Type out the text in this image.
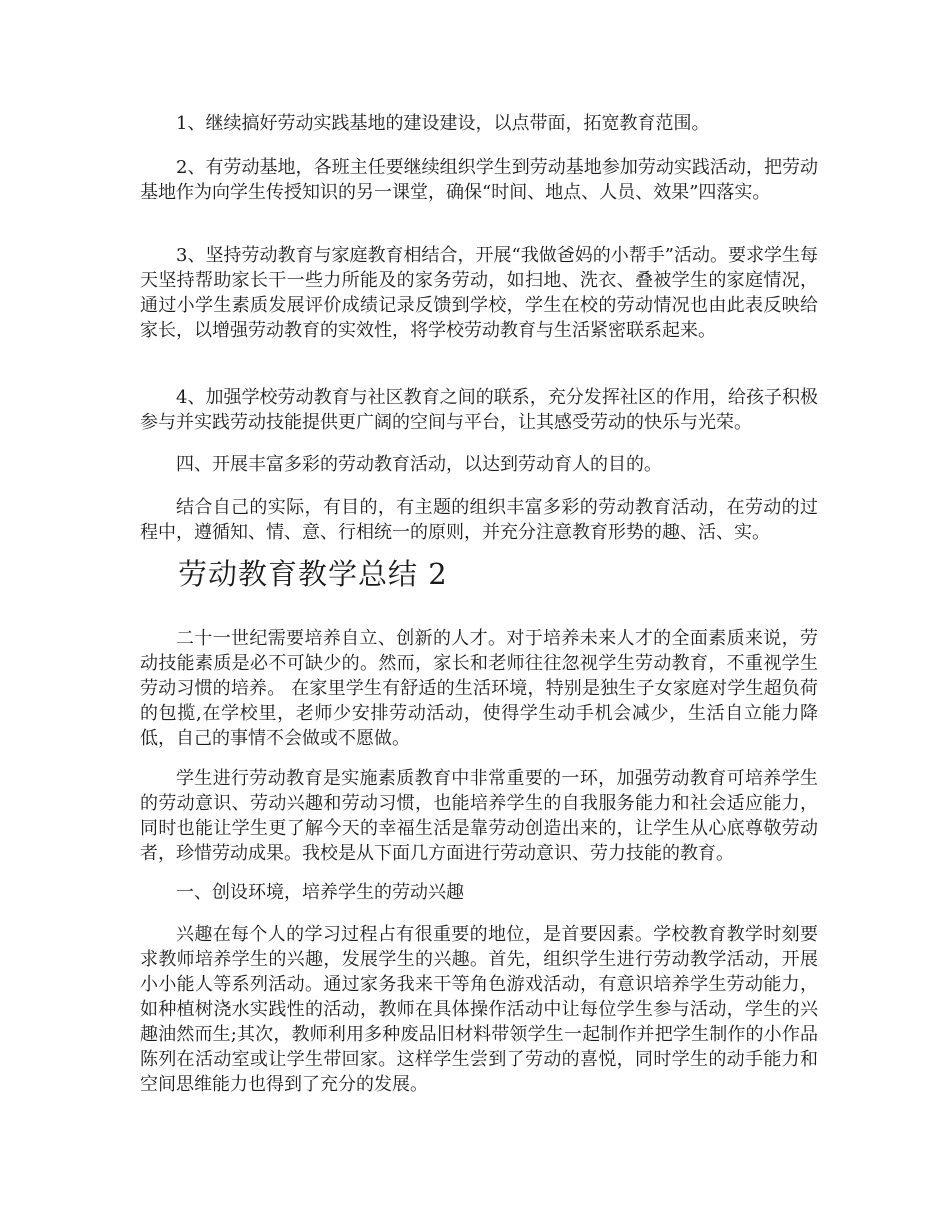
1、继续搞好劳动实践基地的建设建设，以点带面，拓宽教育范围。

2、有劳动基地，各班主任要继续组织学生到劳动基地参加劳动实践活动，把劳动基地作为向学生传授知识的另一课堂，确保“时间、地点、人员、效果”四落实。

3、坚持劳动教育与家庭教育相结合，开展“我做爸妈的小帮手”活动。要求学生每天坚持帮助家长干一些力所能及的家务劳动，如扫地、洗衣、叠被学生的家庭情况，通过小学生素质发展评价成绩记录反馈到学校，学生在校的劳动情况也由此表反映给家长，以增强劳动教育的实效性，将学校劳动教育与生活紧密联系起来。

4、加强学校劳动教育与社区教育之间的联系，充分发挥社区的作用，给孩子积极参与并实践劳动技能提供更广阔的空间与平台，让其感受劳动的快乐与光荣。

四、开展丰富多彩的劳动教育活动，以达到劳动育人的目的。

结合自己的实际，有目的，有主题的组织丰富多彩的劳动教育活动，在劳动的过程中，遵循知、情、意、行相统一的原则，并充分注意教育形势的趣、活、实。

劳动教育教学总结 2

二十一世纪需要培养自立、创新的人才。对于培养未来人才的全面素质来说，劳动技能素质是必不可缺少的。然而，家长和老师往往忽视学生劳动教育，不重视学生劳动习惯的培养。 在家里学生有舒适的生活环境，特别是独生子女家庭对学生超负荷的包揽,在学校里，老师少安排劳动活动，使得学生动手机会减少，生活自立能力降低，自己的事情不会做或不愿做。

学生进行劳动教育是实施素质教育中非常重要的一环，加强劳动教育可培养学生的劳动意识、劳动兴趣和劳动习惯，也能培养学生的自我服务能力和社会适应能力，同时也能让学生更了解今天的幸福生活是靠劳动创造出来的，让学生从心底尊敬劳动者，珍惜劳动成果。我校是从下面几方面进行劳动意识、劳力技能的教育。

一、创设环境，培养学生的劳动兴趣

兴趣在每个人的学习过程占有很重要的地位，是首要因素。学校教育教学时刻要求教师培养学生的兴趣，发展学生的兴趣。首先，组织学生进行劳动教学活动，开展 小小能人等系列活动。通过家务我来干等角色游戏活动，有意识培养学生劳动能力，如种植树浇水实践性的活动，教师在具体操作活动中让每位学生参与活动，学生的兴趣油然而生;其次，教师利用多种废品旧材料带领学生一起制作并把学生制作的小作品陈列在活动室或让学生带回家。这样学生尝到了劳动的喜悦，同时学生的动手能力和空间思维能力也得到了充分的发展。
